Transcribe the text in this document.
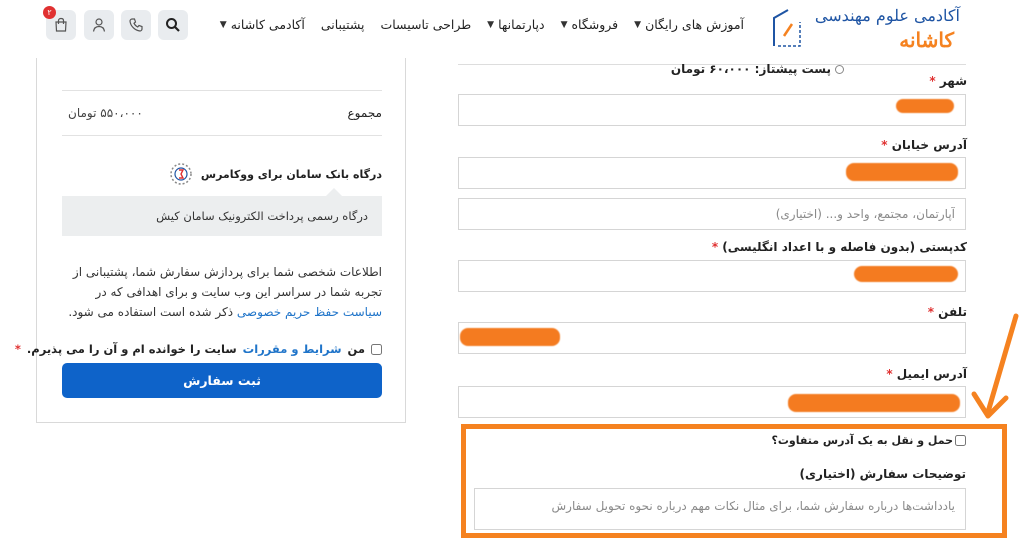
آکادمی علوم مهندسی
کاشانه
آموزش های رایگان
▼
فروشگاه
▼
دپارتمانها
▼
طراحی تاسیسات
پشتیبانی
آکادمی کاشانه
▼
۲
شهر *
آدرس خیابان *
آپارتمان، مجتمع، واحد و... (اختیاری)
کدپستی (بدون فاصله و با اعداد انگلیسی) *
تلفن *
آدرس ایمیل *
حمل و نقل به یک آدرس متفاوت؟
توضیحات سفارش (اختیاری)
یادداشت‌ها درباره سفارش شما، برای مثال نکات مهم درباره نحوه تحویل سفارش
پست پیشتاز: ۶۰،۰۰۰ تومان
مجموع
۵۵۰،۰۰۰ تومان
درگاه بانک سامان برای ووکامرس
درگاه رسمی پرداخت الکترونیک سامان کیش
اطلاعات شخصی شما برای پردازش سفارش شما، پشتیبانی از تجربه شما در سراسر این وب سایت و برای اهدافی که در سیاست حفظ حریم خصوصی ذکر شده است استفاده می شود.
من
شرایط و مقررات
سایت را خوانده ام و آن را می پذیرم.
*
ثبت سفارش
